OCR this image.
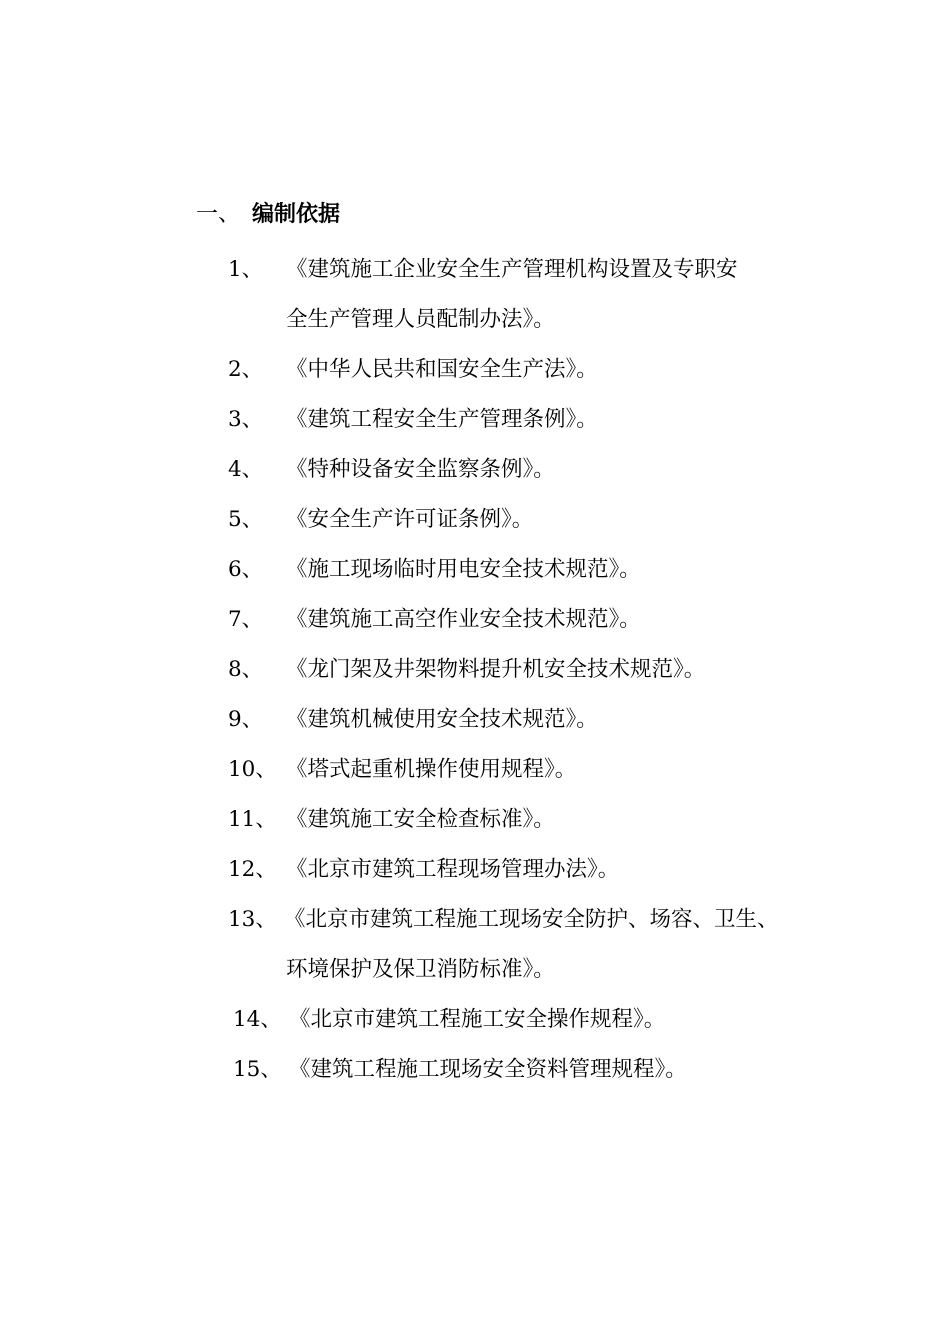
一、 编制依据
1、 《建筑施工企业安全生产管理机构设置及专职安
全生产管理人员配制办法》。
2、 《中华人民共和国安全生产法》。
3、 《建筑工程安全生产管理条例》。
4、 《特种设备安全监察条例》。
5、 《安全生产许可证条例》。
6、 《施工现场临时用电安全技术规范》。
7、 《建筑施工高空作业安全技术规范》。
8、 《龙门架及井架物料提升机安全技术规范》。
9、 《建筑机械使用安全技术规范》。
10、 《塔式起重机操作使用规程》。
11、 《建筑施工安全检查标准》。
12、 《北京市建筑工程现场管理办法》。
13、 《北京市建筑工程施工现场安全防护、场容、卫生、
环境保护及保卫消防标准》。
14、 《北京市建筑工程施工安全操作规程》。
15、 《建筑工程施工现场安全资料管理规程》。
